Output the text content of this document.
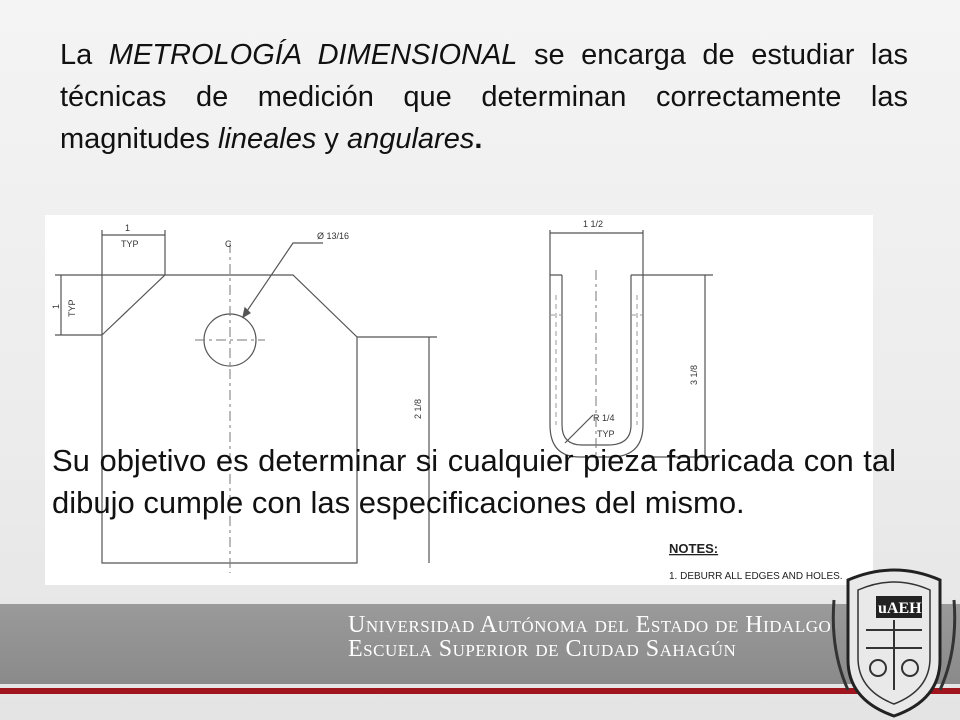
La METROLOGÍA DIMENSIONAL se encarga de estudiar las técnicas de medición que determinan correctamente las magnitudes lineales y angulares.

1
TYP	C
Ø 13/16
1 TYP
2 1/8
1 1/2
3 1/8
R 1/4
TYP
NOTES:
1. DEBURR ALL EDGES AND HOLES.

Su objetivo es determinar si cualquier pieza fabricada con tal dibujo cumple con las especificaciones del mismo.

Universidad Autónoma del Estado de Hidalgo
Escuela Superior de Ciudad Sahagún
uAEH
